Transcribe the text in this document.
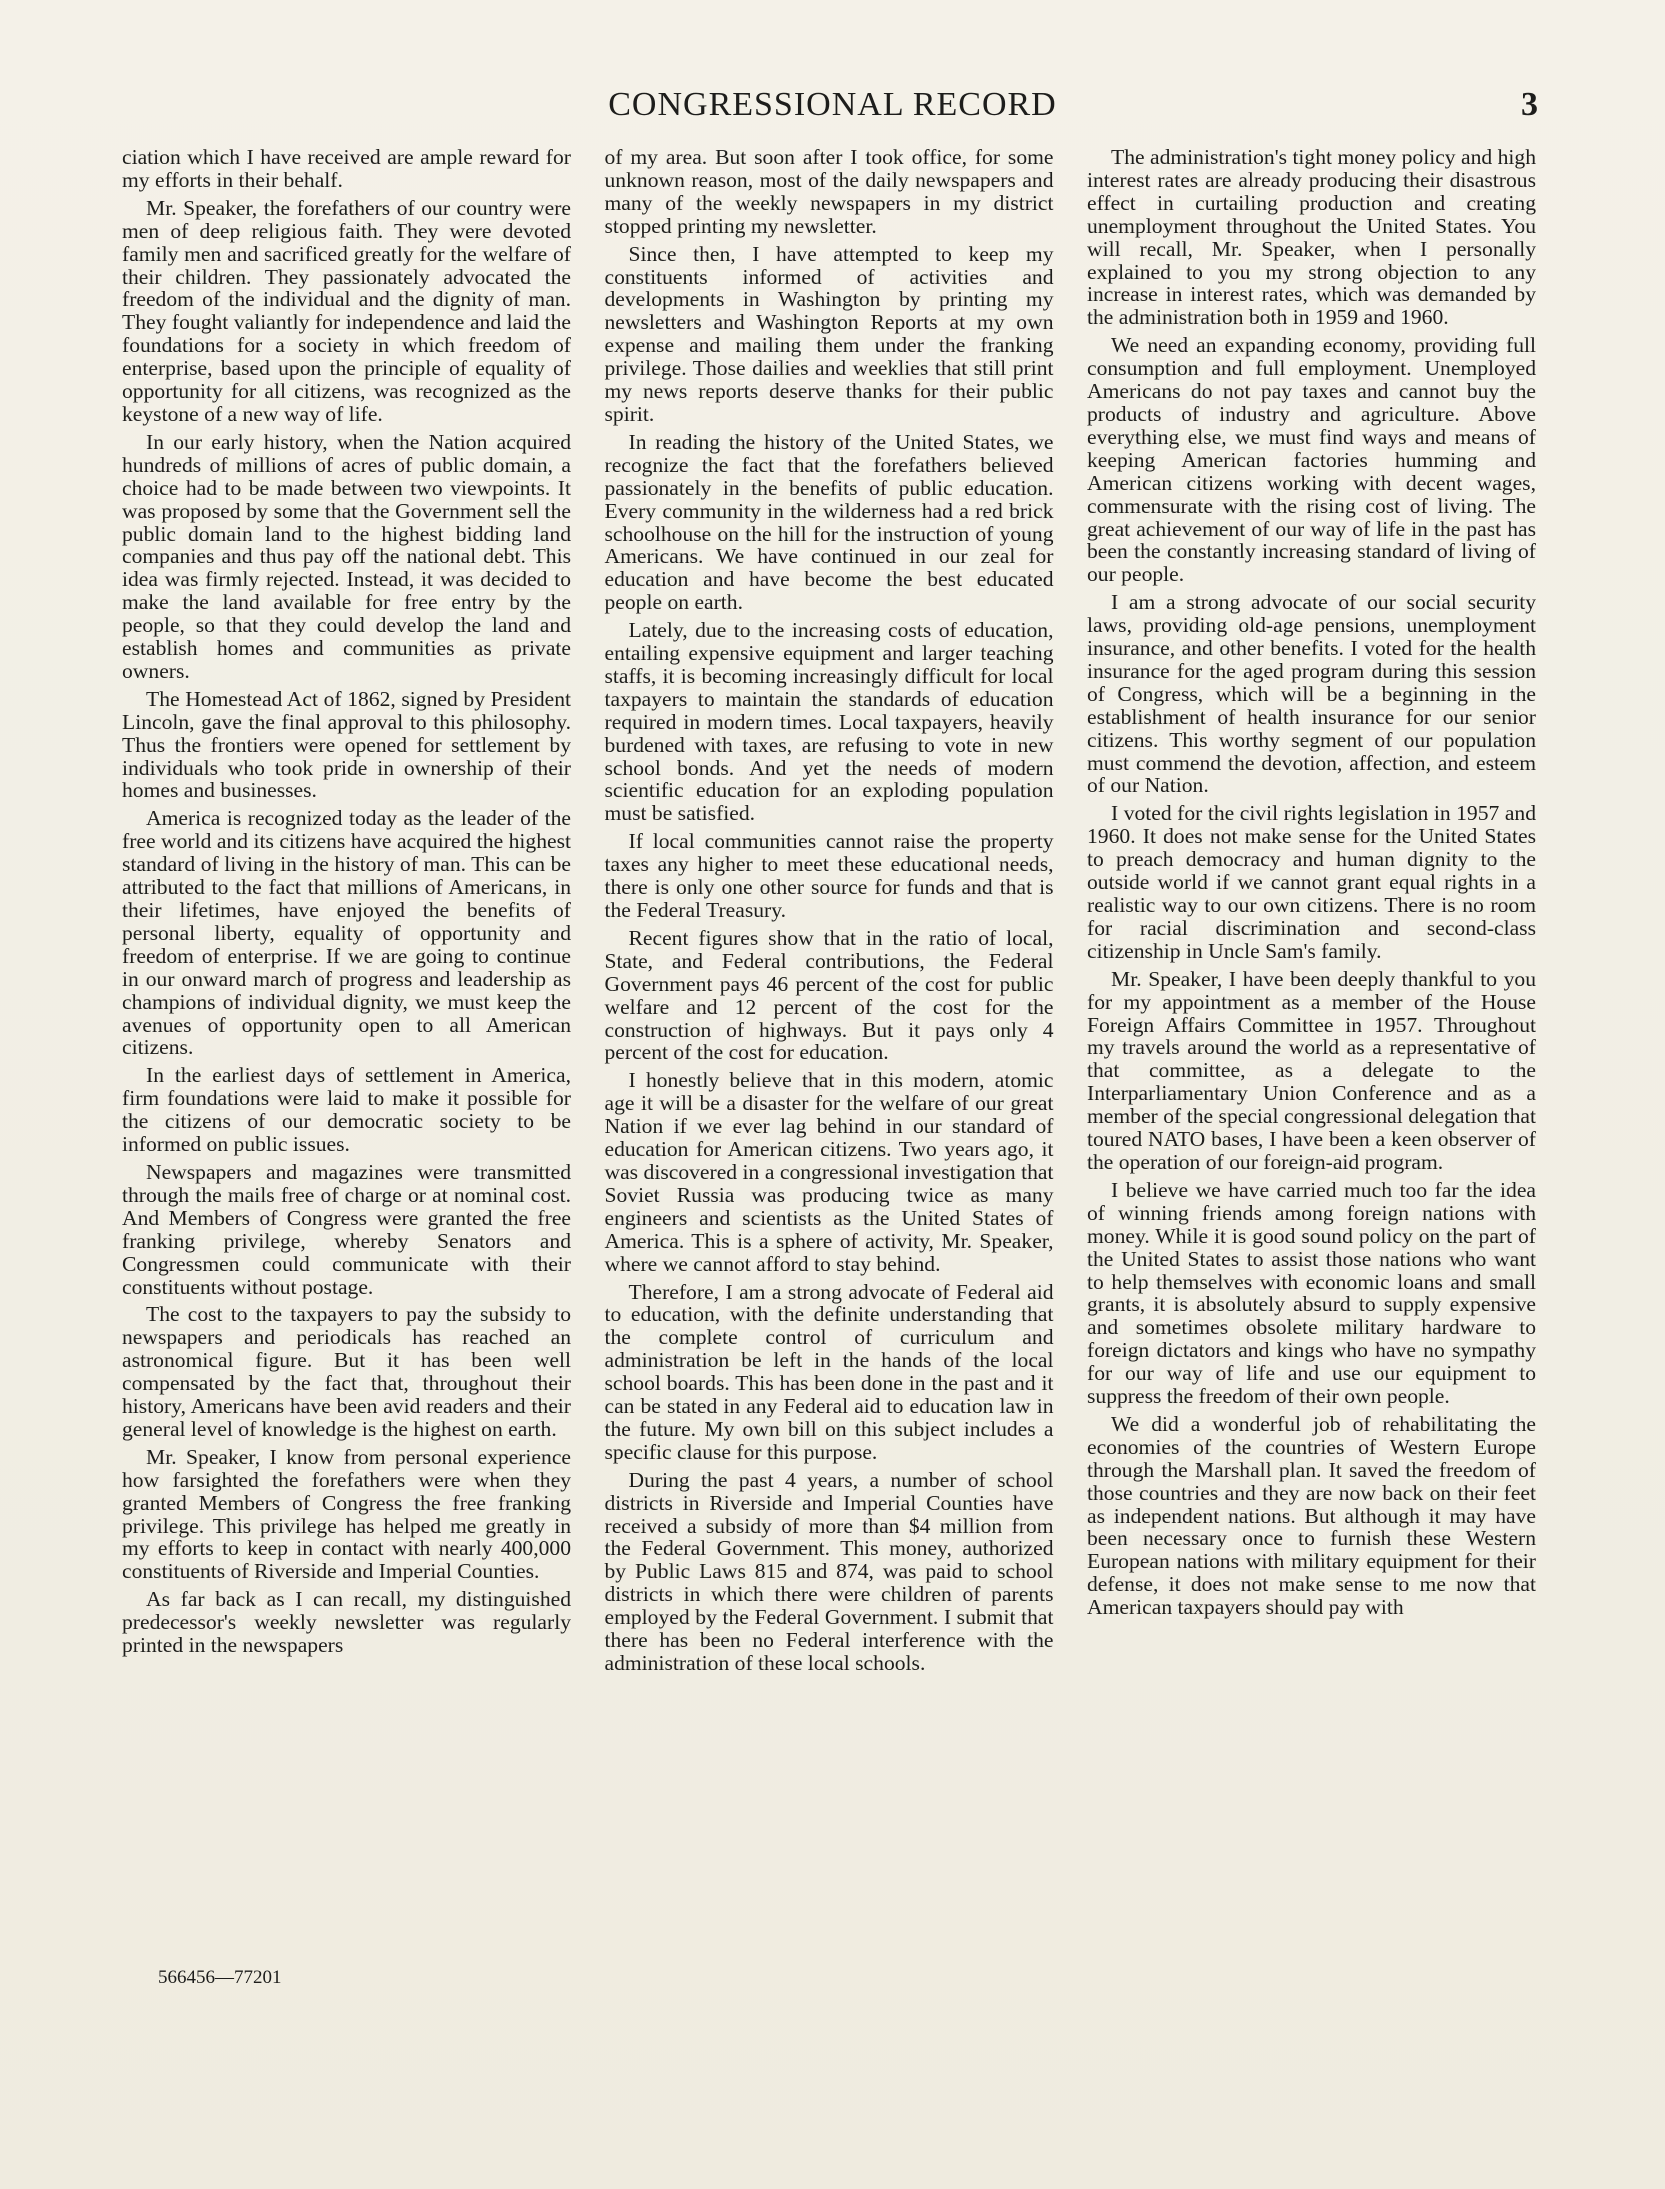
CONGRESSIONAL RECORD	3

ciation which I have received are ample reward for my efforts in their behalf.

Mr. Speaker, the forefathers of our country were men of deep religious faith. They were devoted family men and sacrificed greatly for the welfare of their children. They passionately advocated the freedom of the individual and the dignity of man. They fought valiantly for independence and laid the foundations for a society in which freedom of enterprise, based upon the principle of equality of opportunity for all citizens, was recognized as the keystone of a new way of life.

In our early history, when the Nation acquired hundreds of millions of acres of public domain, a choice had to be made between two viewpoints. It was proposed by some that the Government sell the public domain land to the highest bidding land companies and thus pay off the national debt. This idea was firmly rejected. Instead, it was decided to make the land available for free entry by the people, so that they could develop the land and establish homes and communities as private owners.

The Homestead Act of 1862, signed by President Lincoln, gave the final approval to this philosophy. Thus the frontiers were opened for settlement by individuals who took pride in ownership of their homes and businesses.

America is recognized today as the leader of the free world and its citizens have acquired the highest standard of living in the history of man. This can be attributed to the fact that millions of Americans, in their lifetimes, have enjoyed the benefits of personal liberty, equality of opportunity and freedom of enterprise. If we are going to continue in our onward march of progress and leadership as champions of individual dignity, we must keep the avenues of opportunity open to all American citizens.

In the earliest days of settlement in America, firm foundations were laid to make it possible for the citizens of our democratic society to be informed on public issues.

Newspapers and magazines were transmitted through the mails free of charge or at nominal cost. And Members of Congress were granted the free franking privilege, whereby Senators and Congressmen could communicate with their constituents without postage.

The cost to the taxpayers to pay the subsidy to newspapers and periodicals has reached an astronomical figure. But it has been well compensated by the fact that, throughout their history, Americans have been avid readers and their general level of knowledge is the highest on earth.

Mr. Speaker, I know from personal experience how farsighted the forefathers were when they granted Members of Congress the free franking privilege. This privilege has helped me greatly in my efforts to keep in contact with nearly 400,000 constituents of Riverside and Imperial Counties.

As far back as I can recall, my distinguished predecessor's weekly newsletter was regularly printed in the newspapers

of my area. But soon after I took office, for some unknown reason, most of the daily newspapers and many of the weekly newspapers in my district stopped printing my newsletter.

Since then, I have attempted to keep my constituents informed of activities and developments in Washington by printing my newsletters and Washington Reports at my own expense and mailing them under the franking privilege. Those dailies and weeklies that still print my news reports deserve thanks for their public spirit.

In reading the history of the United States, we recognize the fact that the forefathers believed passionately in the benefits of public education. Every community in the wilderness had a red brick schoolhouse on the hill for the instruction of young Americans. We have continued in our zeal for education and have become the best educated people on earth.

Lately, due to the increasing costs of education, entailing expensive equipment and larger teaching staffs, it is becoming increasingly difficult for local taxpayers to maintain the standards of education required in modern times. Local taxpayers, heavily burdened with taxes, are refusing to vote in new school bonds. And yet the needs of modern scientific education for an exploding population must be satisfied.

If local communities cannot raise the property taxes any higher to meet these educational needs, there is only one other source for funds and that is the Federal Treasury.

Recent figures show that in the ratio of local, State, and Federal contributions, the Federal Government pays 46 percent of the cost for public welfare and 12 percent of the cost for the construction of highways. But it pays only 4 percent of the cost for education.

I honestly believe that in this modern, atomic age it will be a disaster for the welfare of our great Nation if we ever lag behind in our standard of education for American citizens. Two years ago, it was discovered in a congressional investigation that Soviet Russia was producing twice as many engineers and scientists as the United States of America. This is a sphere of activity, Mr. Speaker, where we cannot afford to stay behind.

Therefore, I am a strong advocate of Federal aid to education, with the definite understanding that the complete control of curriculum and administration be left in the hands of the local school boards. This has been done in the past and it can be stated in any Federal aid to education law in the future. My own bill on this subject includes a specific clause for this purpose.

During the past 4 years, a number of school districts in Riverside and Imperial Counties have received a subsidy of more than $4 million from the Federal Government. This money, authorized by Public Laws 815 and 874, was paid to school districts in which there were children of parents employed by the Federal Government. I submit that there has been no Federal interference with the administration of these local schools.

The administration's tight money policy and high interest rates are already producing their disastrous effect in curtailing production and creating unemployment throughout the United States. You will recall, Mr. Speaker, when I personally explained to you my strong objection to any increase in interest rates, which was demanded by the administration both in 1959 and 1960.

We need an expanding economy, providing full consumption and full employment. Unemployed Americans do not pay taxes and cannot buy the products of industry and agriculture. Above everything else, we must find ways and means of keeping American factories humming and American citizens working with decent wages, commensurate with the rising cost of living. The great achievement of our way of life in the past has been the constantly increasing standard of living of our people.

I am a strong advocate of our social security laws, providing old-age pensions, unemployment insurance, and other benefits. I voted for the health insurance for the aged program during this session of Congress, which will be a beginning in the establishment of health insurance for our senior citizens. This worthy segment of our population must commend the devotion, affection, and esteem of our Nation.

I voted for the civil rights legislation in 1957 and 1960. It does not make sense for the United States to preach democracy and human dignity to the outside world if we cannot grant equal rights in a realistic way to our own citizens. There is no room for racial discrimination and second-class citizenship in Uncle Sam's family.

Mr. Speaker, I have been deeply thankful to you for my appointment as a member of the House Foreign Affairs Committee in 1957. Throughout my travels around the world as a representative of that committee, as a delegate to the Interparliamentary Union Conference and as a member of the special congressional delegation that toured NATO bases, I have been a keen observer of the operation of our foreign-aid program.

I believe we have carried much too far the idea of winning friends among foreign nations with money. While it is good sound policy on the part of the United States to assist those nations who want to help themselves with economic loans and small grants, it is absolutely absurd to supply expensive and sometimes obsolete military hardware to foreign dictators and kings who have no sympathy for our way of life and use our equipment to suppress the freedom of their own people.

We did a wonderful job of rehabilitating the economies of the countries of Western Europe through the Marshall plan. It saved the freedom of those countries and they are now back on their feet as independent nations. But although it may have been necessary once to furnish these Western European nations with military equipment for their defense, it does not make sense to me now that American taxpayers should pay with

566456—77201
